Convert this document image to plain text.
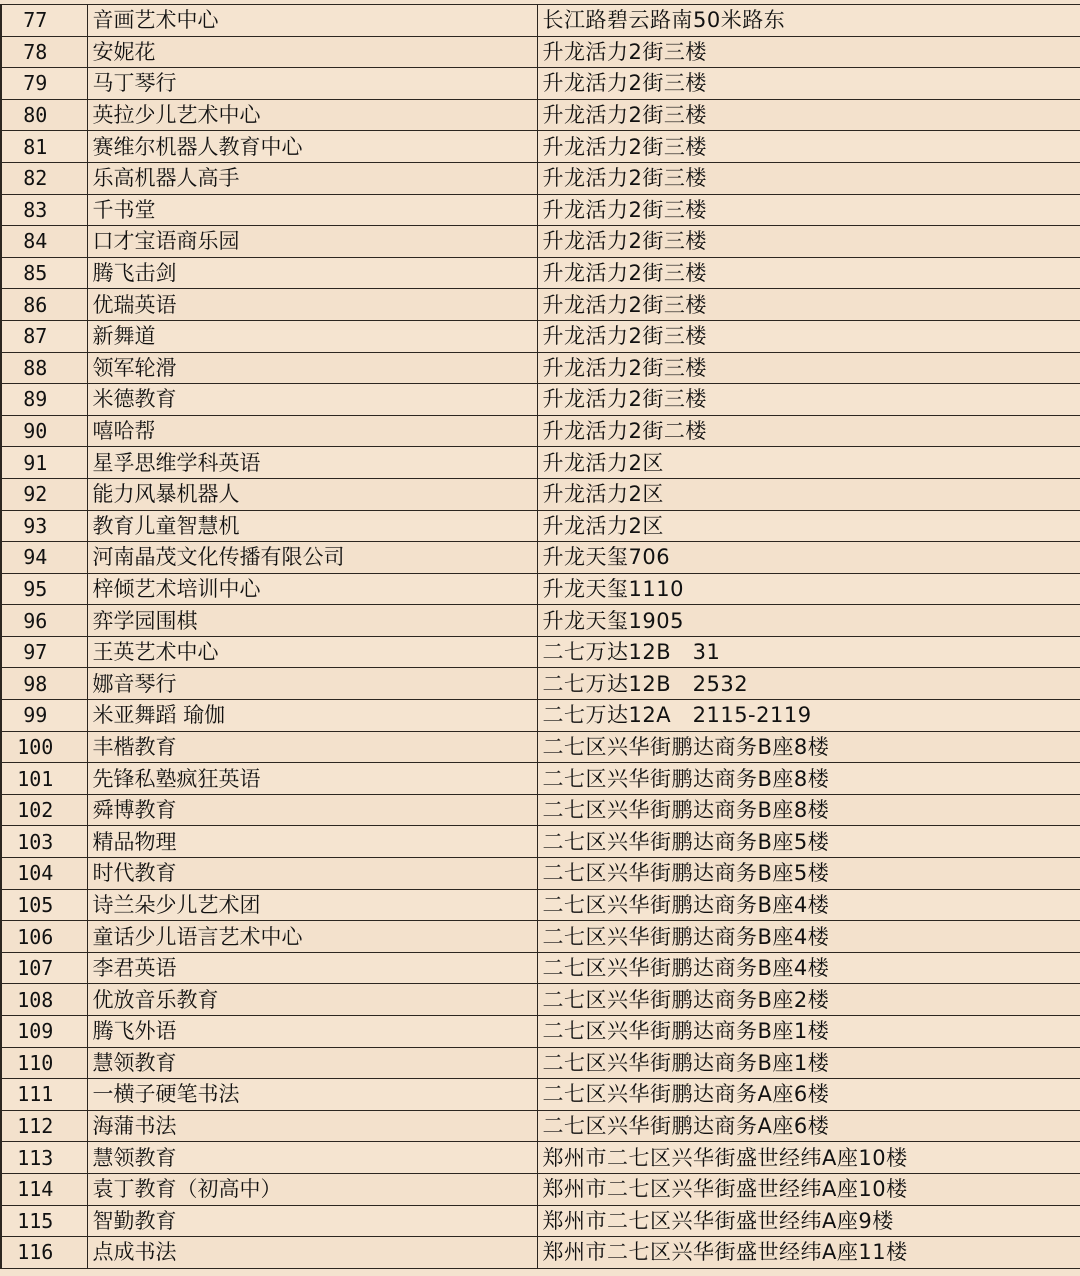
77	音画艺术中心	长江路碧云路南50米路东
78	安妮花	升龙活力2街三楼
79	马丁琴行	升龙活力2街三楼
80	英拉少儿艺术中心	升龙活力2街三楼
81	赛维尔机器人教育中心	升龙活力2街三楼
82	乐高机器人高手	升龙活力2街三楼
83	千书堂	升龙活力2街三楼
84	口才宝语商乐园	升龙活力2街三楼
85	腾飞击剑	升龙活力2街三楼
86	优瑞英语	升龙活力2街三楼
87	新舞道	升龙活力2街三楼
88	领军轮滑	升龙活力2街三楼
89	米德教育	升龙活力2街三楼
90	嘻哈帮	升龙活力2街二楼
91	星孚思维学科英语	升龙活力2区
92	能力风暴机器人	升龙活力2区
93	教育儿童智慧机	升龙活力2区
94	河南晶茂文化传播有限公司	升龙天玺706
95	梓倾艺术培训中心	升龙天玺1110
96	弈学园围棋	升龙天玺1905
97	王英艺术中心	二七万达12B   31
98	娜音琴行	二七万达12B   2532
99	米亚舞蹈 瑜伽	二七万达12A   2115-2119
100	丰楷教育	二七区兴华街鹏达商务B座8楼
101	先锋私塾疯狂英语	二七区兴华街鹏达商务B座8楼
102	舜博教育	二七区兴华街鹏达商务B座8楼
103	精品物理	二七区兴华街鹏达商务B座5楼
104	时代教育	二七区兴华街鹏达商务B座5楼
105	诗兰朵少儿艺术团	二七区兴华街鹏达商务B座4楼
106	童话少儿语言艺术中心	二七区兴华街鹏达商务B座4楼
107	李君英语	二七区兴华街鹏达商务B座4楼
108	优放音乐教育	二七区兴华街鹏达商务B座2楼
109	腾飞外语	二七区兴华街鹏达商务B座1楼
110	慧领教育	二七区兴华街鹏达商务B座1楼
111	一横子硬笔书法	二七区兴华街鹏达商务A座6楼
112	海蒲书法	二七区兴华街鹏达商务A座6楼
113	慧领教育	郑州市二七区兴华街盛世经纬A座10楼
114	袁丁教育（初高中）	郑州市二七区兴华街盛世经纬A座10楼
115	智勤教育	郑州市二七区兴华街盛世经纬A座9楼
116	点成书法	郑州市二七区兴华街盛世经纬A座11楼
